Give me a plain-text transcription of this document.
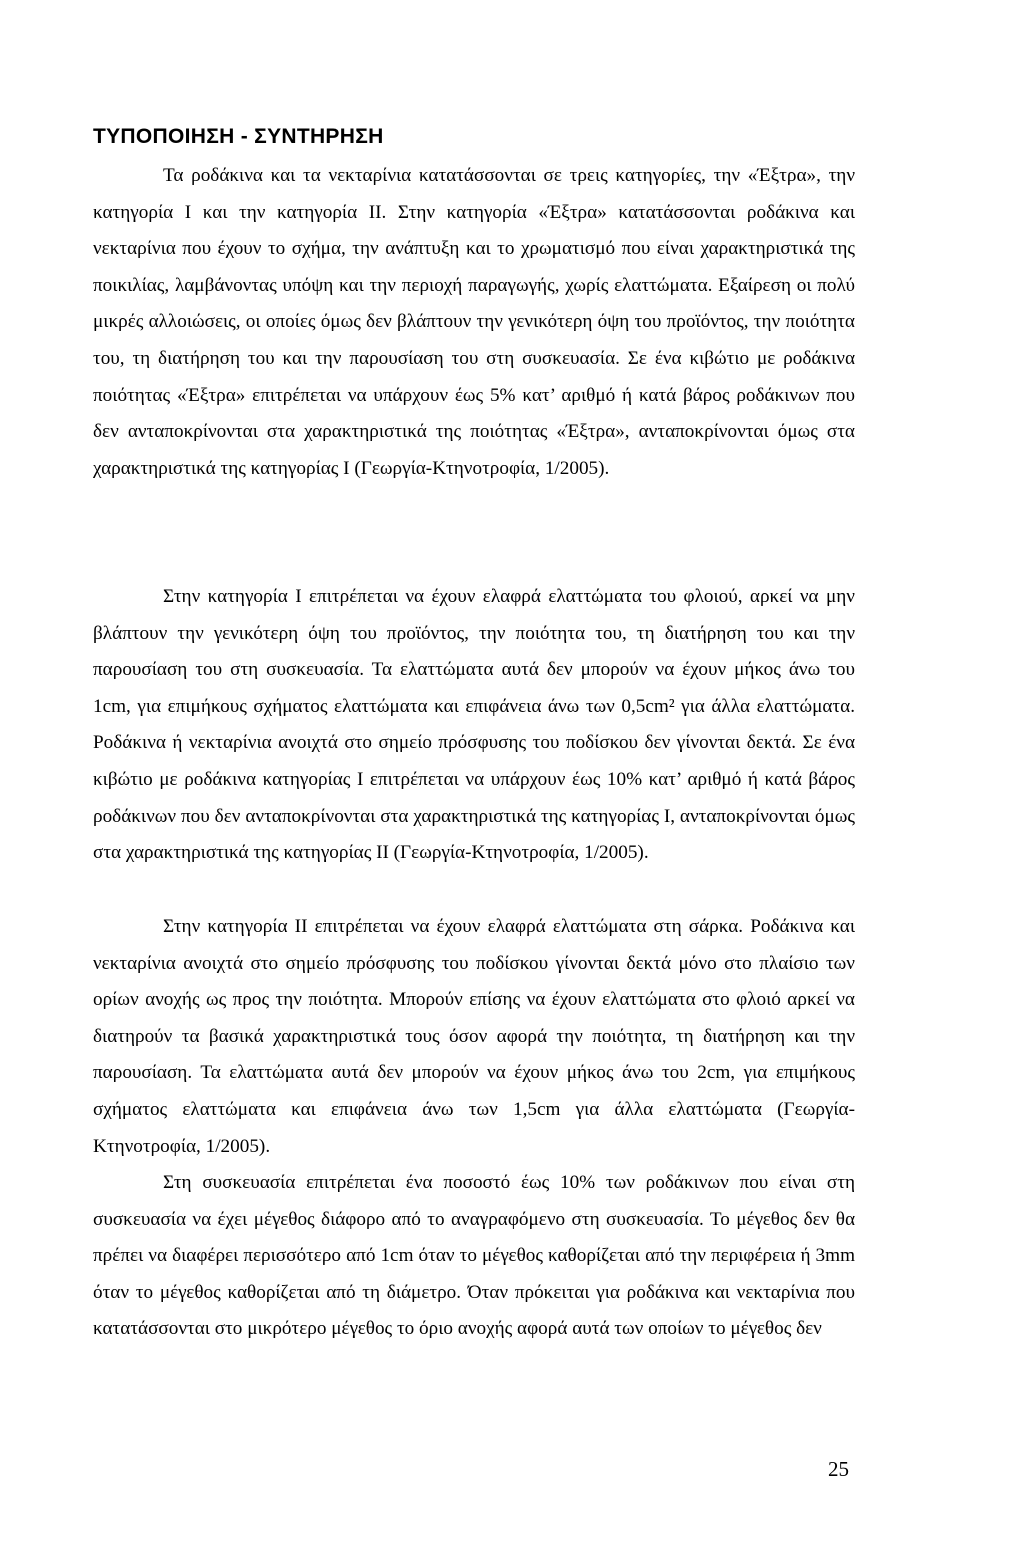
ΤΥΠΟΠΟΙΗΣΗ - ΣΥΝΤΗΡΗΣΗ

Τα ροδάκινα και τα νεκταρίνια κατατάσσονται σε τρεις κατηγορίες, την «Έξτρα», την κατηγορία Ι και την κατηγορία ΙΙ. Στην κατηγορία «Έξτρα» κατατάσσονται ροδάκινα και νεκταρίνια που έχουν το σχήμα, την ανάπτυξη και το χρωματισμό που είναι χαρακτηριστικά της ποικιλίας, λαμβάνοντας υπόψη και την περιοχή παραγωγής, χωρίς ελαττώματα. Εξαίρεση οι πολύ μικρές αλλοιώσεις, οι οποίες όμως δεν βλάπτουν την γενικότερη όψη του προϊόντος, την ποιότητα του, τη διατήρηση του και την παρουσίαση του στη συσκευασία. Σε ένα κιβώτιο με ροδάκινα ποιότητας «Έξτρα» επιτρέπεται να υπάρχουν έως 5% κατ’ αριθμό ή κατά βάρος ροδάκινων που δεν ανταποκρίνονται στα χαρακτηριστικά της ποιότητας «Έξτρα», ανταποκρίνονται όμως στα χαρακτηριστικά της κατηγορίας Ι (Γεωργία-Κτηνοτροφία, 1/2005).

Στην κατηγορία Ι επιτρέπεται να έχουν ελαφρά ελαττώματα του φλοιού, αρκεί να μην βλάπτουν την γενικότερη όψη του προϊόντος, την ποιότητα του, τη διατήρηση του και την παρουσίαση του στη συσκευασία. Τα ελαττώματα αυτά δεν μπορούν να έχουν μήκος άνω του 1cm, για επιμήκους σχήματος ελαττώματα και επιφάνεια άνω των 0,5cm² για άλλα ελαττώματα. Ροδάκινα ή νεκταρίνια ανοιχτά στο σημείο πρόσφυσης του ποδίσκου δεν γίνονται δεκτά. Σε ένα κιβώτιο με ροδάκινα κατηγορίας Ι επιτρέπεται να υπάρχουν έως 10% κατ’ αριθμό ή κατά βάρος ροδάκινων που δεν ανταποκρίνονται στα χαρακτηριστικά της κατηγορίας Ι, ανταποκρίνονται όμως στα χαρακτηριστικά της κατηγορίας ΙΙ (Γεωργία-Κτηνοτροφία, 1/2005).

Στην κατηγορία ΙΙ επιτρέπεται να έχουν ελαφρά ελαττώματα στη σάρκα. Ροδάκινα και νεκταρίνια ανοιχτά στο σημείο πρόσφυσης του ποδίσκου γίνονται δεκτά μόνο στο πλαίσιο των ορίων ανοχής ως προς την ποιότητα. Μπορούν επίσης να έχουν ελαττώματα στο φλοιό αρκεί να διατηρούν τα βασικά χαρακτηριστικά τους όσον αφορά την ποιότητα, τη διατήρηση και την παρουσίαση. Τα ελαττώματα αυτά δεν μπορούν να έχουν μήκος άνω του 2cm, για επιμήκους σχήματος ελαττώματα και επιφάνεια άνω των 1,5cm για άλλα ελαττώματα (Γεωργία-Κτηνοτροφία, 1/2005).

Στη συσκευασία επιτρέπεται ένα ποσοστό έως 10% των ροδάκινων που είναι στη συσκευασία να έχει μέγεθος διάφορο από το αναγραφόμενο στη συσκευασία. Το μέγεθος δεν θα πρέπει να διαφέρει περισσότερο από 1cm όταν το μέγεθος καθορίζεται από την περιφέρεια ή 3mm όταν το μέγεθος καθορίζεται από τη διάμετρο. Όταν πρόκειται για ροδάκινα και νεκταρίνια που κατατάσσονται στο μικρότερο μέγεθος το όριο ανοχής αφορά αυτά των οποίων το μέγεθος δεν

25
